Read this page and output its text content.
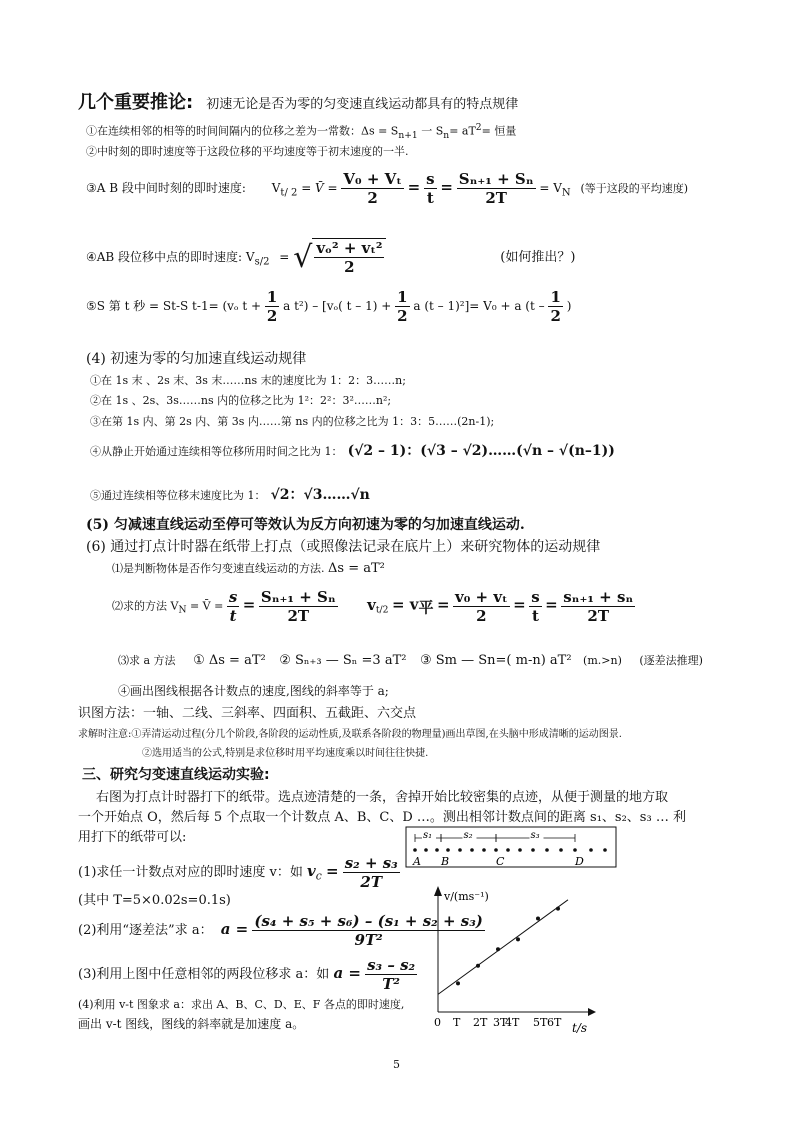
几个重要推论: 初速无论是否为零的匀变速直线运动都具有的特点规律
①在连续相邻的相等的时间间隔内的位移之差为一常数：$\Delta s = S_{n+1}$ 一 $S_n= aT^2=$ 恒量
②中时刻的即时速度等于这段位移的平均速度等于初末速度的一半.
③A B 段中间时刻的即时速度: $V_{t/ 2}$ = V̄ = $\frac{\text{V₀ + Vₜ}}{2} = \frac{s}{t} = \frac{\text{Sₙ₊₁ + Sₙ}}{2T} = V_N$ (等于这段的平均速度)
④AB 段位移中点的即时速度: $V_{s/2}$ = √ $\frac{\text{vₒ² + vₜ²}}{2}$	(如何推出？)
⑤S 第 t 秒 = St-S t-1= (vₒ $t + \frac{1}{2}$ a t²) – [vₒ( $t - 1) + \frac{1}{2}$ a (t – 1)²]= V₀ + a ($t - \frac{1}{2}$ )
(4) 初速为零的匀加速直线运动规律
①在 1s 末 、2s 末、3s 末……ns 末的速度比为 1：2：3……n;
②在 1s 、2s、3s……ns 内的位移之比为 1²：2²：3²……n²;
③在第 1s 内、第 2s 内、第 3s 内……第 ns 内的位移之比为 1：3：5……(2n-1);
④从静止开始通过连续相等位移所用时间之比为 1： (√2 – 1)：(√3 – √2)……(√n – √(n–1))
⑤通过连续相等位移末速度比为 1： √2：√3……√n
(5) 匀减速直线运动至停可等效认为反方向初速为零的匀加速直线运动.
(6) 通过打点计时器在纸带上打点（或照像法记录在底片上）来研究物体的运动规律
⑴是判断物体是否作匀变速直线运动的方法. Δs = aT²
⑵求的方法 $V_N$ = V̄ = $\frac{s}{t} = \frac{\text{Sₙ₊₁ + Sₙ}}{2T} v_{t/2} = v_平 = \frac{\text{v₀ + vₜ}}{2} = \frac{s}{t} = \frac{\text{sₙ₊₁ + sₙ}}{2T}$
⑶求 a 方法 ① Δs = aT² ② Sₙ₊₃ — Sₙ =3 aT² ③ Sm — Sn=( m-n) aT² (m.>n) (逐差法推理)
④画出图线根据各计数点的速度,图线的斜率等于 a;
识图方法：一轴、二线、三斜率、四面积、五截距、六交点
求解时注意:①弄清运动过程(分几个阶段,各阶段的运动性质,及联系各阶段的物理量)画出草图,在头脑中形成清晰的运动图景.
②选用适当的公式,特别是求位移时用平均速度乘以时间往往快捷.
三、研究匀变速直线运动实验:
右图为打点计时器打下的纸带。选点迹清楚的一条，舍掉开始比较密集的点迹，从便于测量的地方取
一个开始点 O，然后每 5 个点取一个计数点 A、B、C、D …。测出相邻计数点间的距离 s₁、s₂、s₃ … 利
用打下的纸带可以:	s₁	s₂	s₃
A B	C	D
(1)求任一计数点对应的即时速度 v：如 $v_c = \frac{\text{s₂ + s₃}}{2T}$
(其中 T=5×0.02s=0.1s)
(2)利用“逐差法”求 a： $a = \frac{\text{(s₄ + s₅ + s₆) – (s₁ + s₂ + s₃)}}{\text{9T²}}$
(3)利用上图中任意相邻的两段位移求 a：如 $a = \frac{\text{s₃ – s₂}}{\text{T²}}$
(4)利用 v-t 图象求 a：求出 A、B、C、D、E、F 各点的即时速度,
画出 v-t 图线，图线的斜率就是加速度 a。
v/(ms⁻¹)
t/s
0 T 2T 3T
4T 5T 6T
5
